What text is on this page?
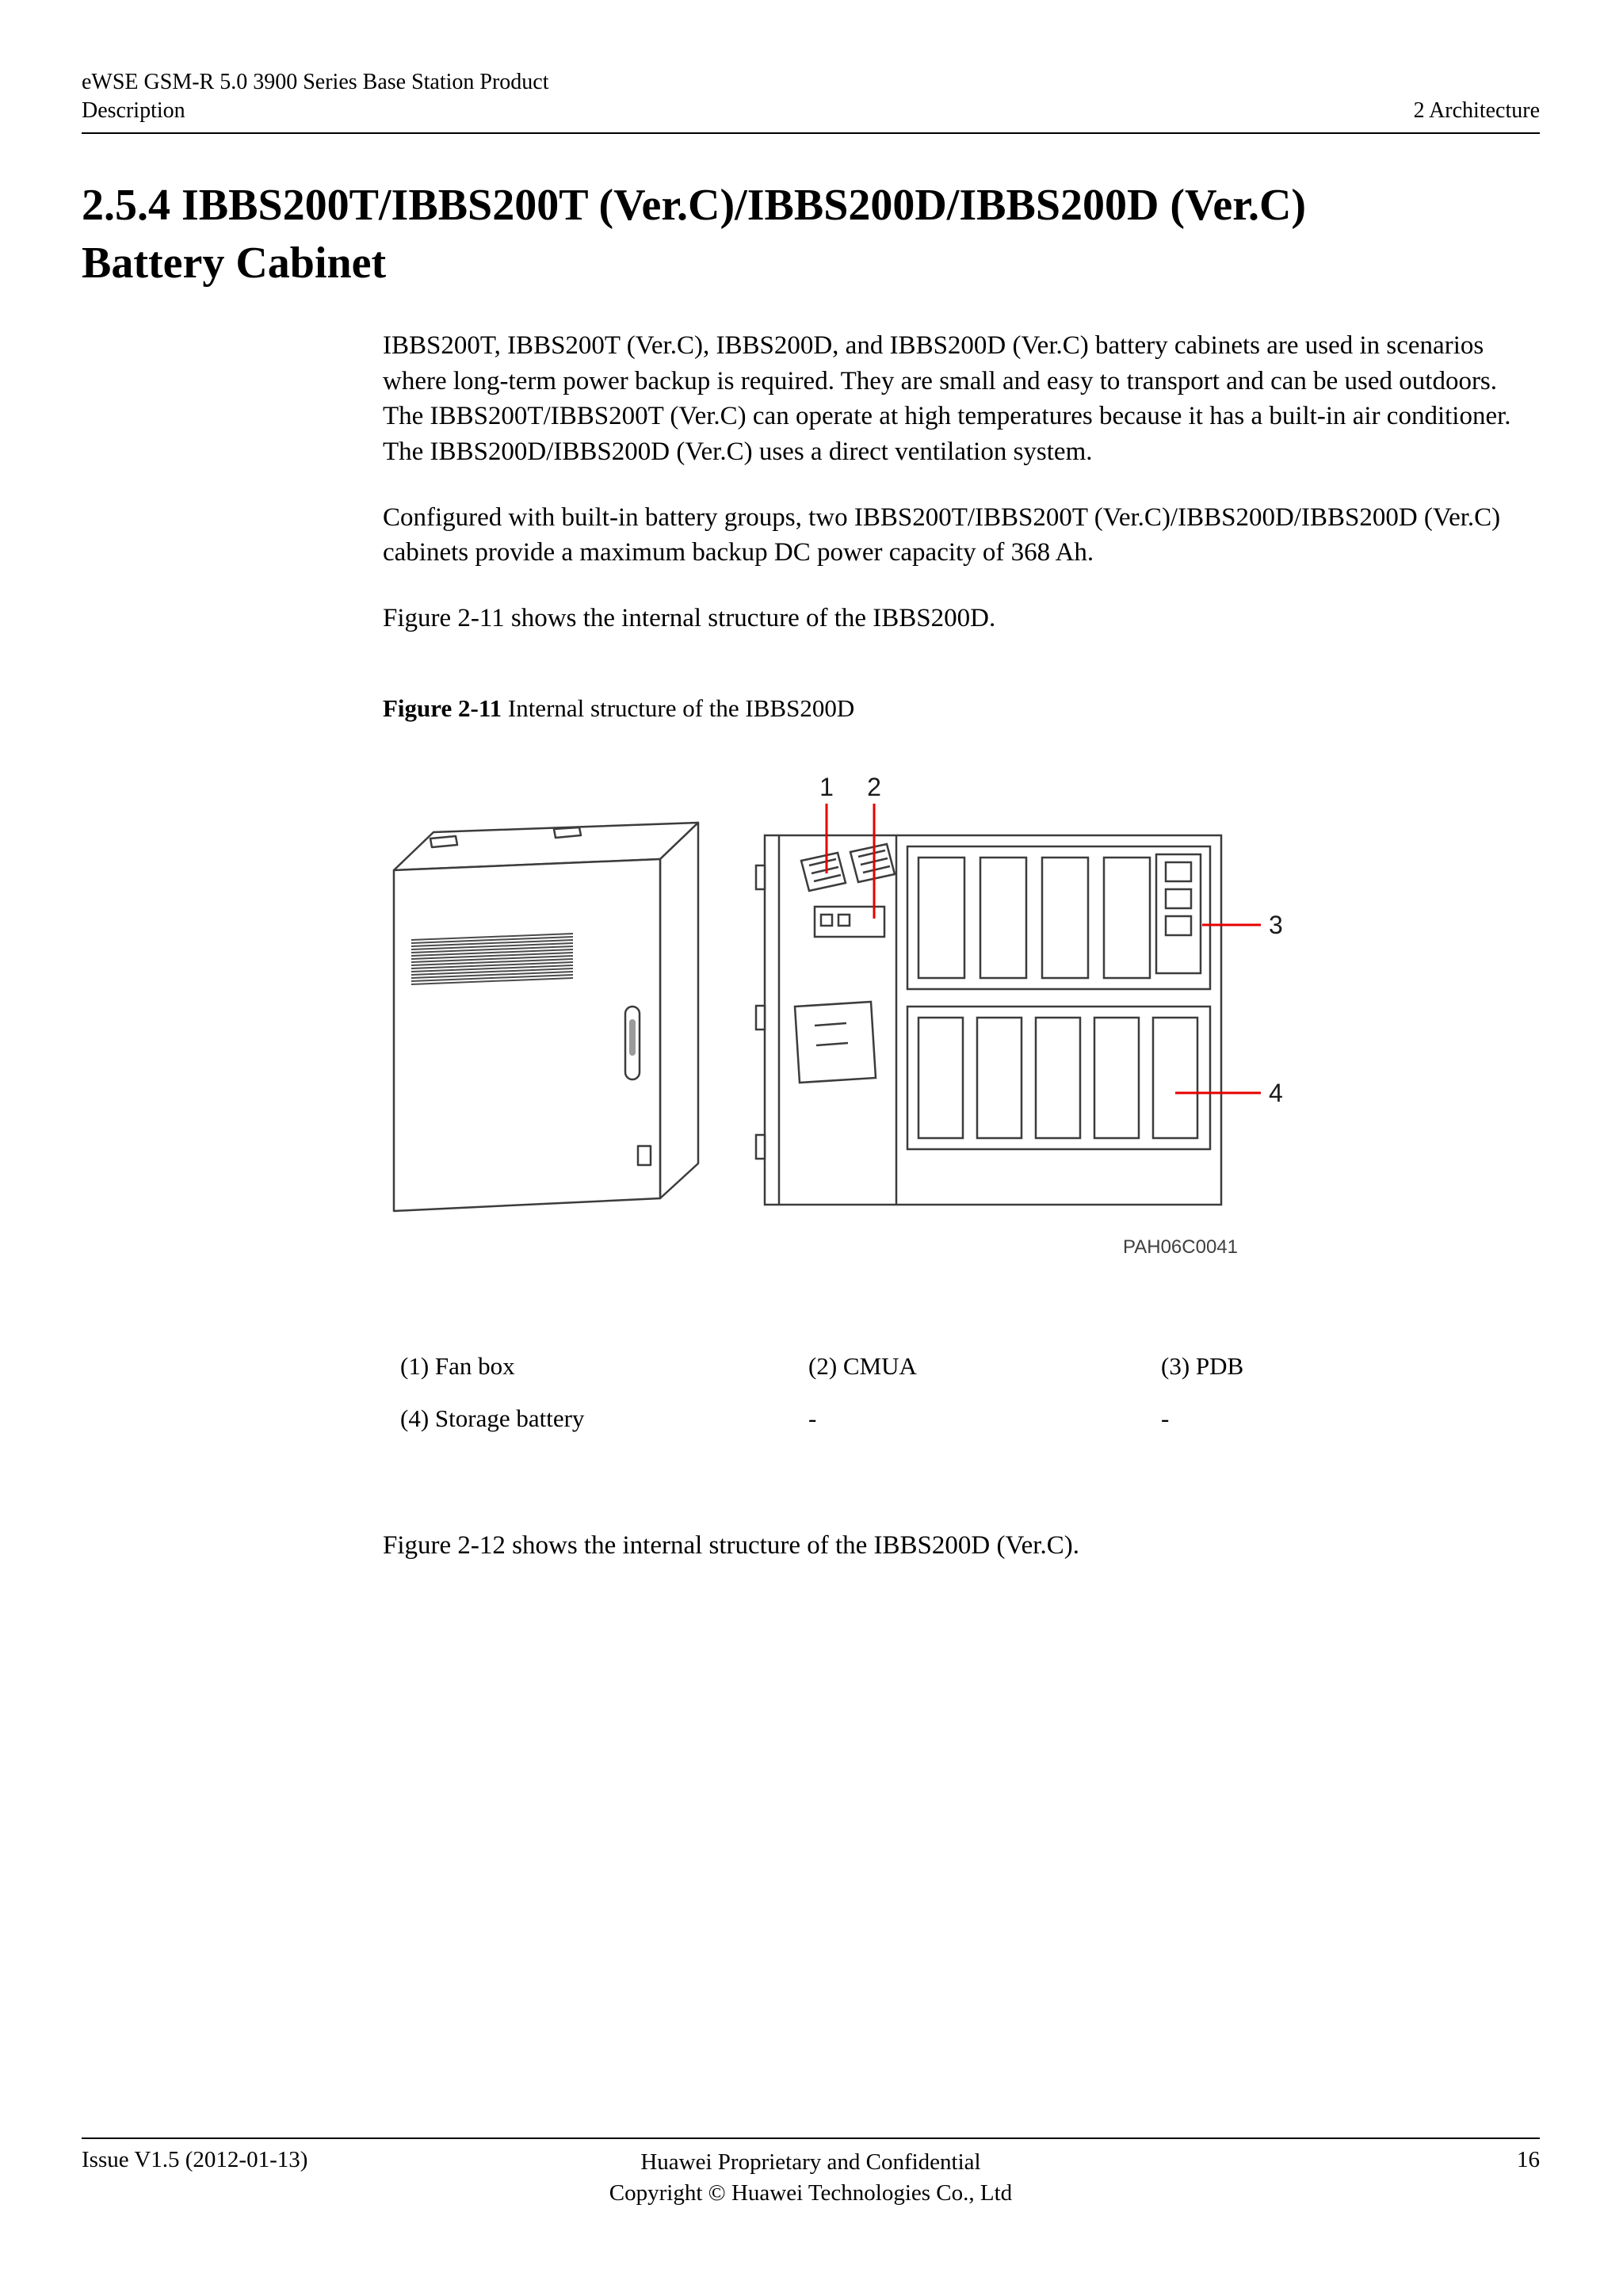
eWSE GSM-R 5.0 3900 Series Base Station Product
Description	2 Architecture
2.5.4 IBBS200T/IBBS200T (Ver.C)/IBBS200D/IBBS200D (Ver.C)
Battery Cabinet

IBBS200T, IBBS200T (Ver.C), IBBS200D, and IBBS200D (Ver.C) battery cabinets are used in scenarios where long-term power backup is required. They are small and easy to transport and can be used outdoors. The IBBS200T/IBBS200T (Ver.C) can operate at high temperatures because it has a built-in air conditioner. The IBBS200D/IBBS200D (Ver.C) uses a direct ventilation system.

Configured with built-in battery groups, two IBBS200T/IBBS200T (Ver.C)/IBBS200D/IBBS200D (Ver.C) cabinets provide a maximum backup DC power capacity of 368 Ah.

Figure 2-11 shows the internal structure of the IBBS200D.

Figure 2-11 Internal structure of the IBBS200D

1 2
3
4
PAH06C0041
(1) Fan box	(2) CMUA	(3) PDB
(4) Storage battery	-	-

Figure 2-12 shows the internal structure of the IBBS200D (Ver.C).

Issue V1.5 (2012-01-13)	Huawei Proprietary and Confidential
Copyright © Huawei Technologies Co., Ltd
16
